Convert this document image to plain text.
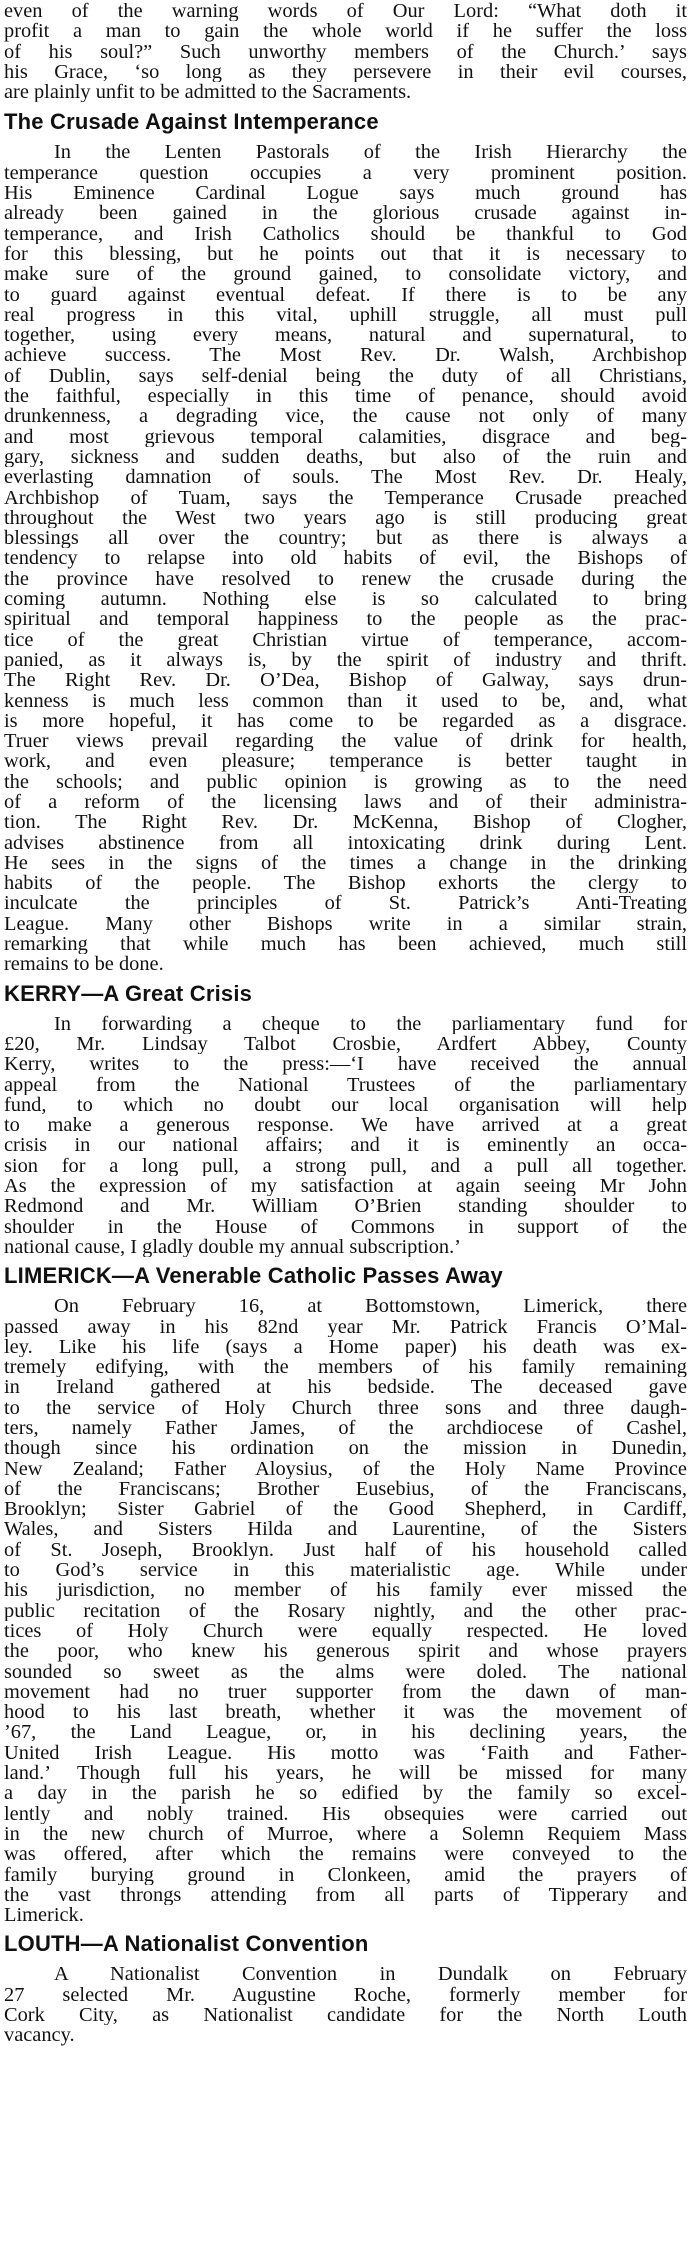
even of the warning words of Our Lord: “What doth it
profit a man to gain the whole world if he suffer the loss
of his soul?” Such unworthy members of the Church.’ says
his Grace, ‘so long as they persevere in their evil courses,
are plainly unfit to be admitted to the Sacraments.
The Crusade Against Intemperance
In the Lenten Pastorals of the Irish Hierarchy the
temperance question occupies a very prominent position.
His Eminence Cardinal Logue says much ground has
already been gained in the glorious crusade against in-
temperance, and Irish Catholics should be thankful to God
for this blessing, but he points out that it is necessary to
make sure of the ground gained, to consolidate victory, and
to guard against eventual defeat. If there is to be any
real progress in this vital, uphill struggle, all must pull
together, using every means, natural and supernatural, to
achieve success. The Most Rev. Dr. Walsh, Archbishop
of Dublin, says self-denial being the duty of all Christians,
the faithful, especially in this time of penance, should avoid
drunkenness, a degrading vice, the cause not only of many
and most grievous temporal calamities, disgrace and beg-
gary, sickness and sudden deaths, but also of the ruin and
everlasting damnation of souls. The Most Rev. Dr. Healy,
Archbishop of Tuam, says the Temperance Crusade preached
throughout the West two years ago is still producing great
blessings all over the country; but as there is always a
tendency to relapse into old habits of evil, the Bishops of
the province have resolved to renew the crusade during the
coming autumn. Nothing else is so calculated to bring
spiritual and temporal happiness to the people as the prac-
tice of the great Christian virtue of temperance, accom-
panied, as it always is, by the spirit of industry and thrift.
The Right Rev. Dr. O’Dea, Bishop of Galway, says drun-
kenness is much less common than it used to be, and, what
is more hopeful, it has come to be regarded as a disgrace.
Truer views prevail regarding the value of drink for health,
work, and even pleasure; temperance is better taught in
the schools; and public opinion is growing as to the need
of a reform of the licensing laws and of their administra-
tion. The Right Rev. Dr. McKenna, Bishop of Clogher,
advises abstinence from all intoxicating drink during Lent.
He sees in the signs of the times a change in the drinking
habits of the people. The Bishop exhorts the clergy to
inculcate the principles of St. Patrick’s Anti-Treating
League. Many other Bishops write in a similar strain,
remarking that while much has been achieved, much still
remains to be done.
KERRY—A Great Crisis
In forwarding a cheque to the parliamentary fund for
£20, Mr. Lindsay Talbot Crosbie, Ardfert Abbey, County
Kerry, writes to the press:—‘I have received the annual
appeal from the National Trustees of the parliamentary
fund, to which no doubt our local organisation will help
to make a generous response. We have arrived at a great
crisis in our national affairs; and it is eminently an occa-
sion for a long pull, a strong pull, and a pull all together.
As the expression of my satisfaction at again seeing Mr John
Redmond and Mr. William O’Brien standing shoulder to
shoulder in the House of Commons in support of the
national cause, I gladly double my annual subscription.’
LIMERICK—A Venerable Catholic Passes Away
On February 16, at Bottomstown, Limerick, there
passed away in his 82nd year Mr. Patrick Francis O’Mal-
ley. Like his life (says a Home paper) his death was ex-
tremely edifying, with the members of his family remaining
in Ireland gathered at his bedside. The deceased gave
to the service of Holy Church three sons and three daugh-
ters, namely Father James, of the archdiocese of Cashel,
though since his ordination on the mission in Dunedin,
New Zealand; Father Aloysius, of the Holy Name Province
of the Franciscans; Brother Eusebius, of the Franciscans,
Brooklyn; Sister Gabriel of the Good Shepherd, in Cardiff,
Wales, and Sisters Hilda and Laurentine, of the Sisters
of St. Joseph, Brooklyn. Just half of his household called
to God’s service in this materialistic age. While under
his jurisdiction, no member of his family ever missed the
public recitation of the Rosary nightly, and the other prac-
tices of Holy Church were equally respected. He loved
the poor, who knew his generous spirit and whose prayers
sounded so sweet as the alms were doled. The national
movement had no truer supporter from the dawn of man-
hood to his last breath, whether it was the movement of
’67, the Land League, or, in his declining years, the
United Irish League. His motto was ‘Faith and Father-
land.’ Though full his years, he will be missed for many
a day in the parish he so edified by the family so excel-
lently and nobly trained. His obsequies were carried out
in the new church of Murroe, where a Solemn Requiem Mass
was offered, after which the remains were conveyed to the
family burying ground in Clonkeen, amid the prayers of
the vast throngs attending from all parts of Tipperary and
Limerick.
LOUTH—A Nationalist Convention
A Nationalist Convention in Dundalk on February
27 selected Mr. Augustine Roche, formerly member for
Cork City, as Nationalist candidate for the North Louth
vacancy.
